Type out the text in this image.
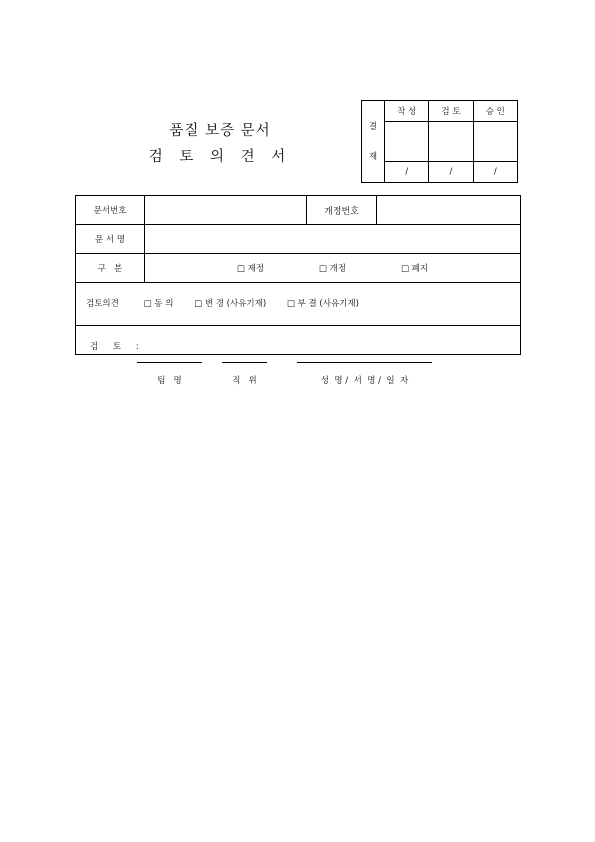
품질 보증 문서
검 토 의 견 서
결
재	작 성	검 토	승 인

	/	/	/
문서번호		개정번호	
문 서 명			
구   분	□ 제정 □ 개정 □ 폐지		
검토의견 □ 동 의 □ 변 경 (사유기재) □ 부 결 (사유기재)			

검 토 :
팀   명 직   위 성  명 /  서  명 /  일  자			
